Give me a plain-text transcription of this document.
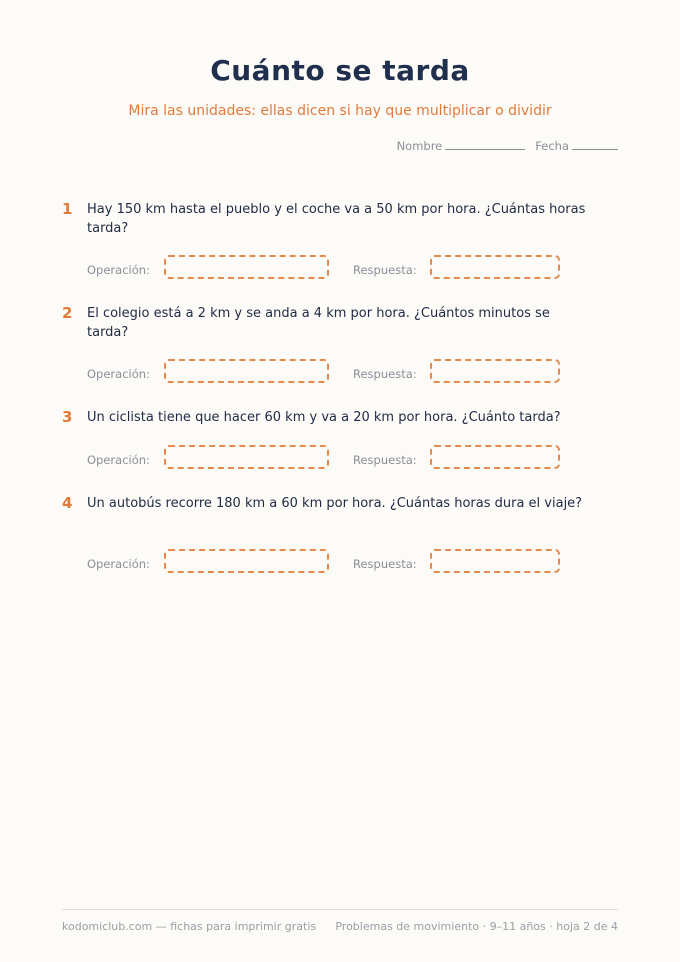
Cuánto se tarda
Mira las unidades: ellas dicen si hay que multiplicar o dividir
Nombre	Fecha
1 Hay 150 km hasta el pueblo y el coche va a 50 km por hora. ¿Cuántas horas tarda?
Operación:	Respuesta:
2 El colegio está a 2 km y se anda a 4 km por hora. ¿Cuántos minutos se tarda?
Operación:	Respuesta:
3 Un ciclista tiene que hacer 60 km y va a 20 km por hora. ¿Cuánto tarda?
Operación:	Respuesta:
4 Un autobús recorre 180 km a 60 km por hora. ¿Cuántas horas dura el viaje?
Operación:	Respuesta:
kodomiclub.com — fichas para imprimir gratis Problemas de movimiento · 9–11 años · hoja 2 de 4
